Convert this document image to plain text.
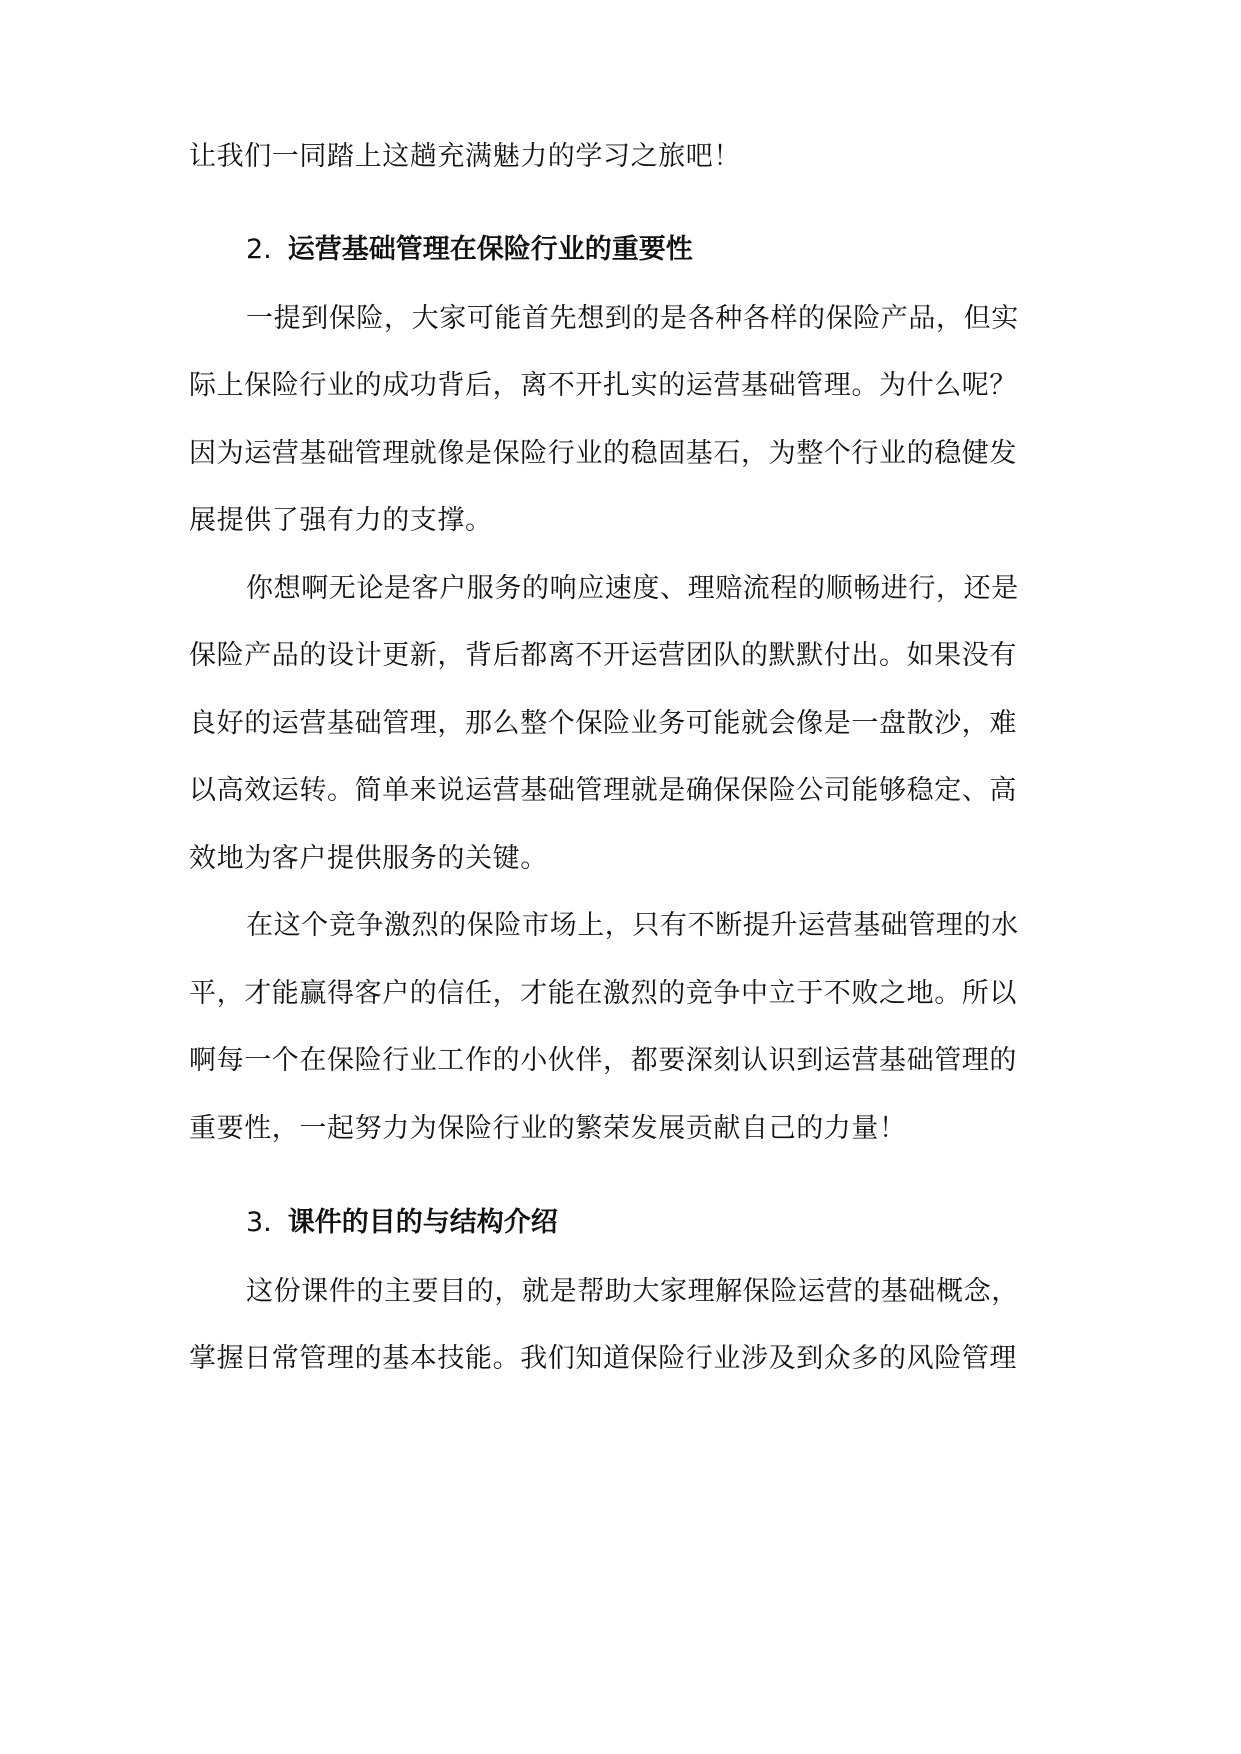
让我们一同踏上这趟充满魅力的学习之旅吧！
2. 运营基础管理在保险行业的重要性
一提到保险，大家可能首先想到的是各种各样的保险产品，但实
际上保险行业的成功背后，离不开扎实的运营基础管理。为什么呢？
因为运营基础管理就像是保险行业的稳固基石，为整个行业的稳健发
展提供了强有力的支撑。
你想啊无论是客户服务的响应速度、理赔流程的顺畅进行，还是
保险产品的设计更新，背后都离不开运营团队的默默付出。如果没有
良好的运营基础管理，那么整个保险业务可能就会像是一盘散沙，难
以高效运转。简单来说运营基础管理就是确保保险公司能够稳定、高
效地为客户提供服务的关键。
在这个竞争激烈的保险市场上，只有不断提升运营基础管理的水
平，才能赢得客户的信任，才能在激烈的竞争中立于不败之地。所以
啊每一个在保险行业工作的小伙伴，都要深刻认识到运营基础管理的
重要性，一起努力为保险行业的繁荣发展贡献自己的力量！
3. 课件的目的与结构介绍
这份课件的主要目的，就是帮助大家理解保险运营的基础概念，
掌握日常管理的基本技能。我们知道保险行业涉及到众多的风险管理
